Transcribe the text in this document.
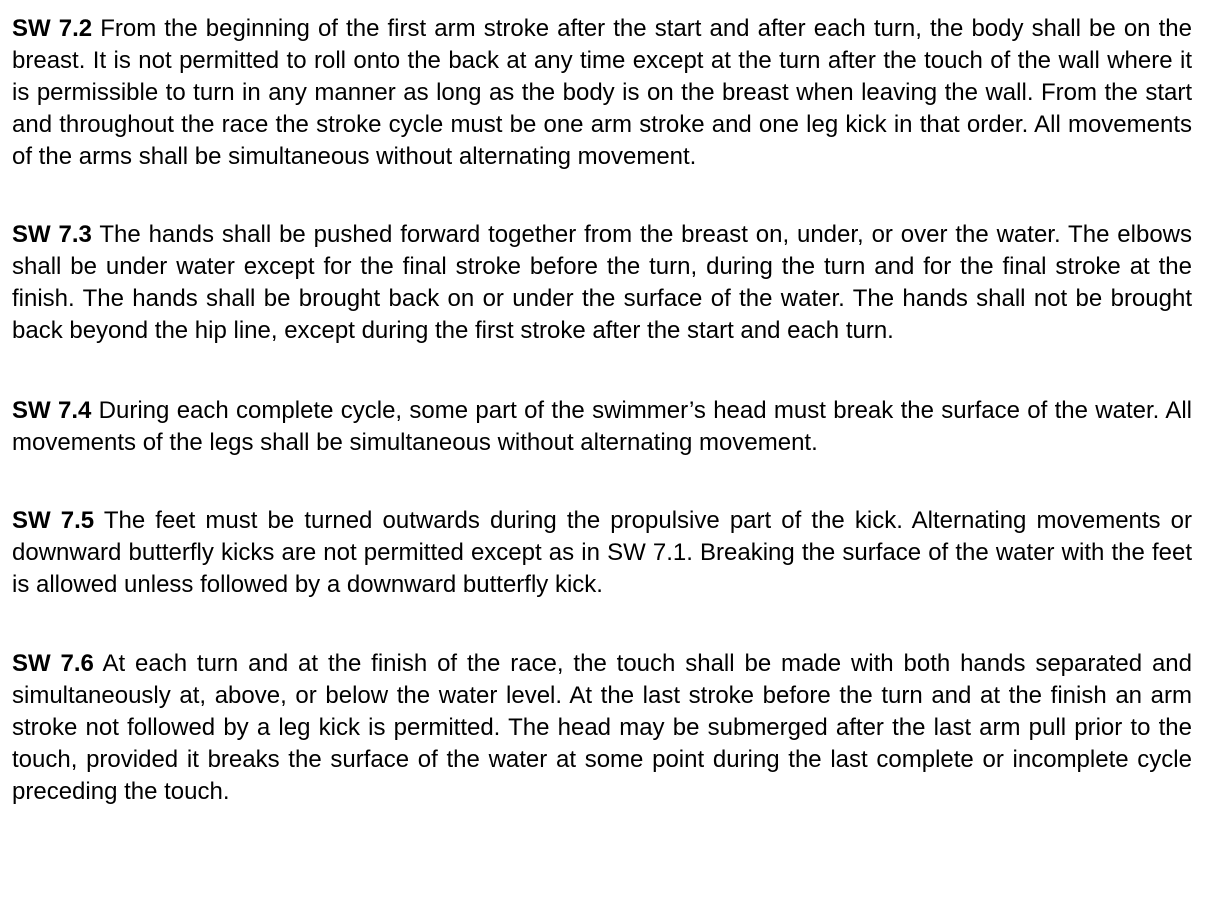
SW 7.2 From the beginning of the first arm stroke after the start and after each turn, the body shall be on the breast. It is not permitted to roll onto the back at any time except at the turn after the touch of the wall where it is permissible to turn in any manner as long as the body is on the breast when leaving the wall. From the start and throughout the race the stroke cycle must be one arm stroke and one leg kick in that order. All movements of the arms shall be simultaneous without alternating movement.

SW 7.3 The hands shall be pushed forward together from the breast on, under, or over the water. The elbows shall be under water except for the final stroke before the turn, during the turn and for the final stroke at the finish. The hands shall be brought back on or under the surface of the water. The hands shall not be brought back beyond the hip line, except during the first stroke after the start and each turn.

SW 7.4 During each complete cycle, some part of the swimmer’s head must break the surface of the water. All movements of the legs shall be simultaneous without alternating movement.

SW 7.5 The feet must be turned outwards during the propulsive part of the kick. Alternating movements or downward butterfly kicks are not permitted except as in SW 7.1. Breaking the surface of the water with the feet is allowed unless followed by a downward butterfly kick.

SW 7.6 At each turn and at the finish of the race, the touch shall be made with both hands separated and simultaneously at, above, or below the water level. At the last stroke before the turn and at the finish an arm stroke not followed by a leg kick is permitted. The head may be submerged after the last arm pull prior to the touch, provided it breaks the surface of the water at some point during the last complete or incomplete cycle preceding the touch.
